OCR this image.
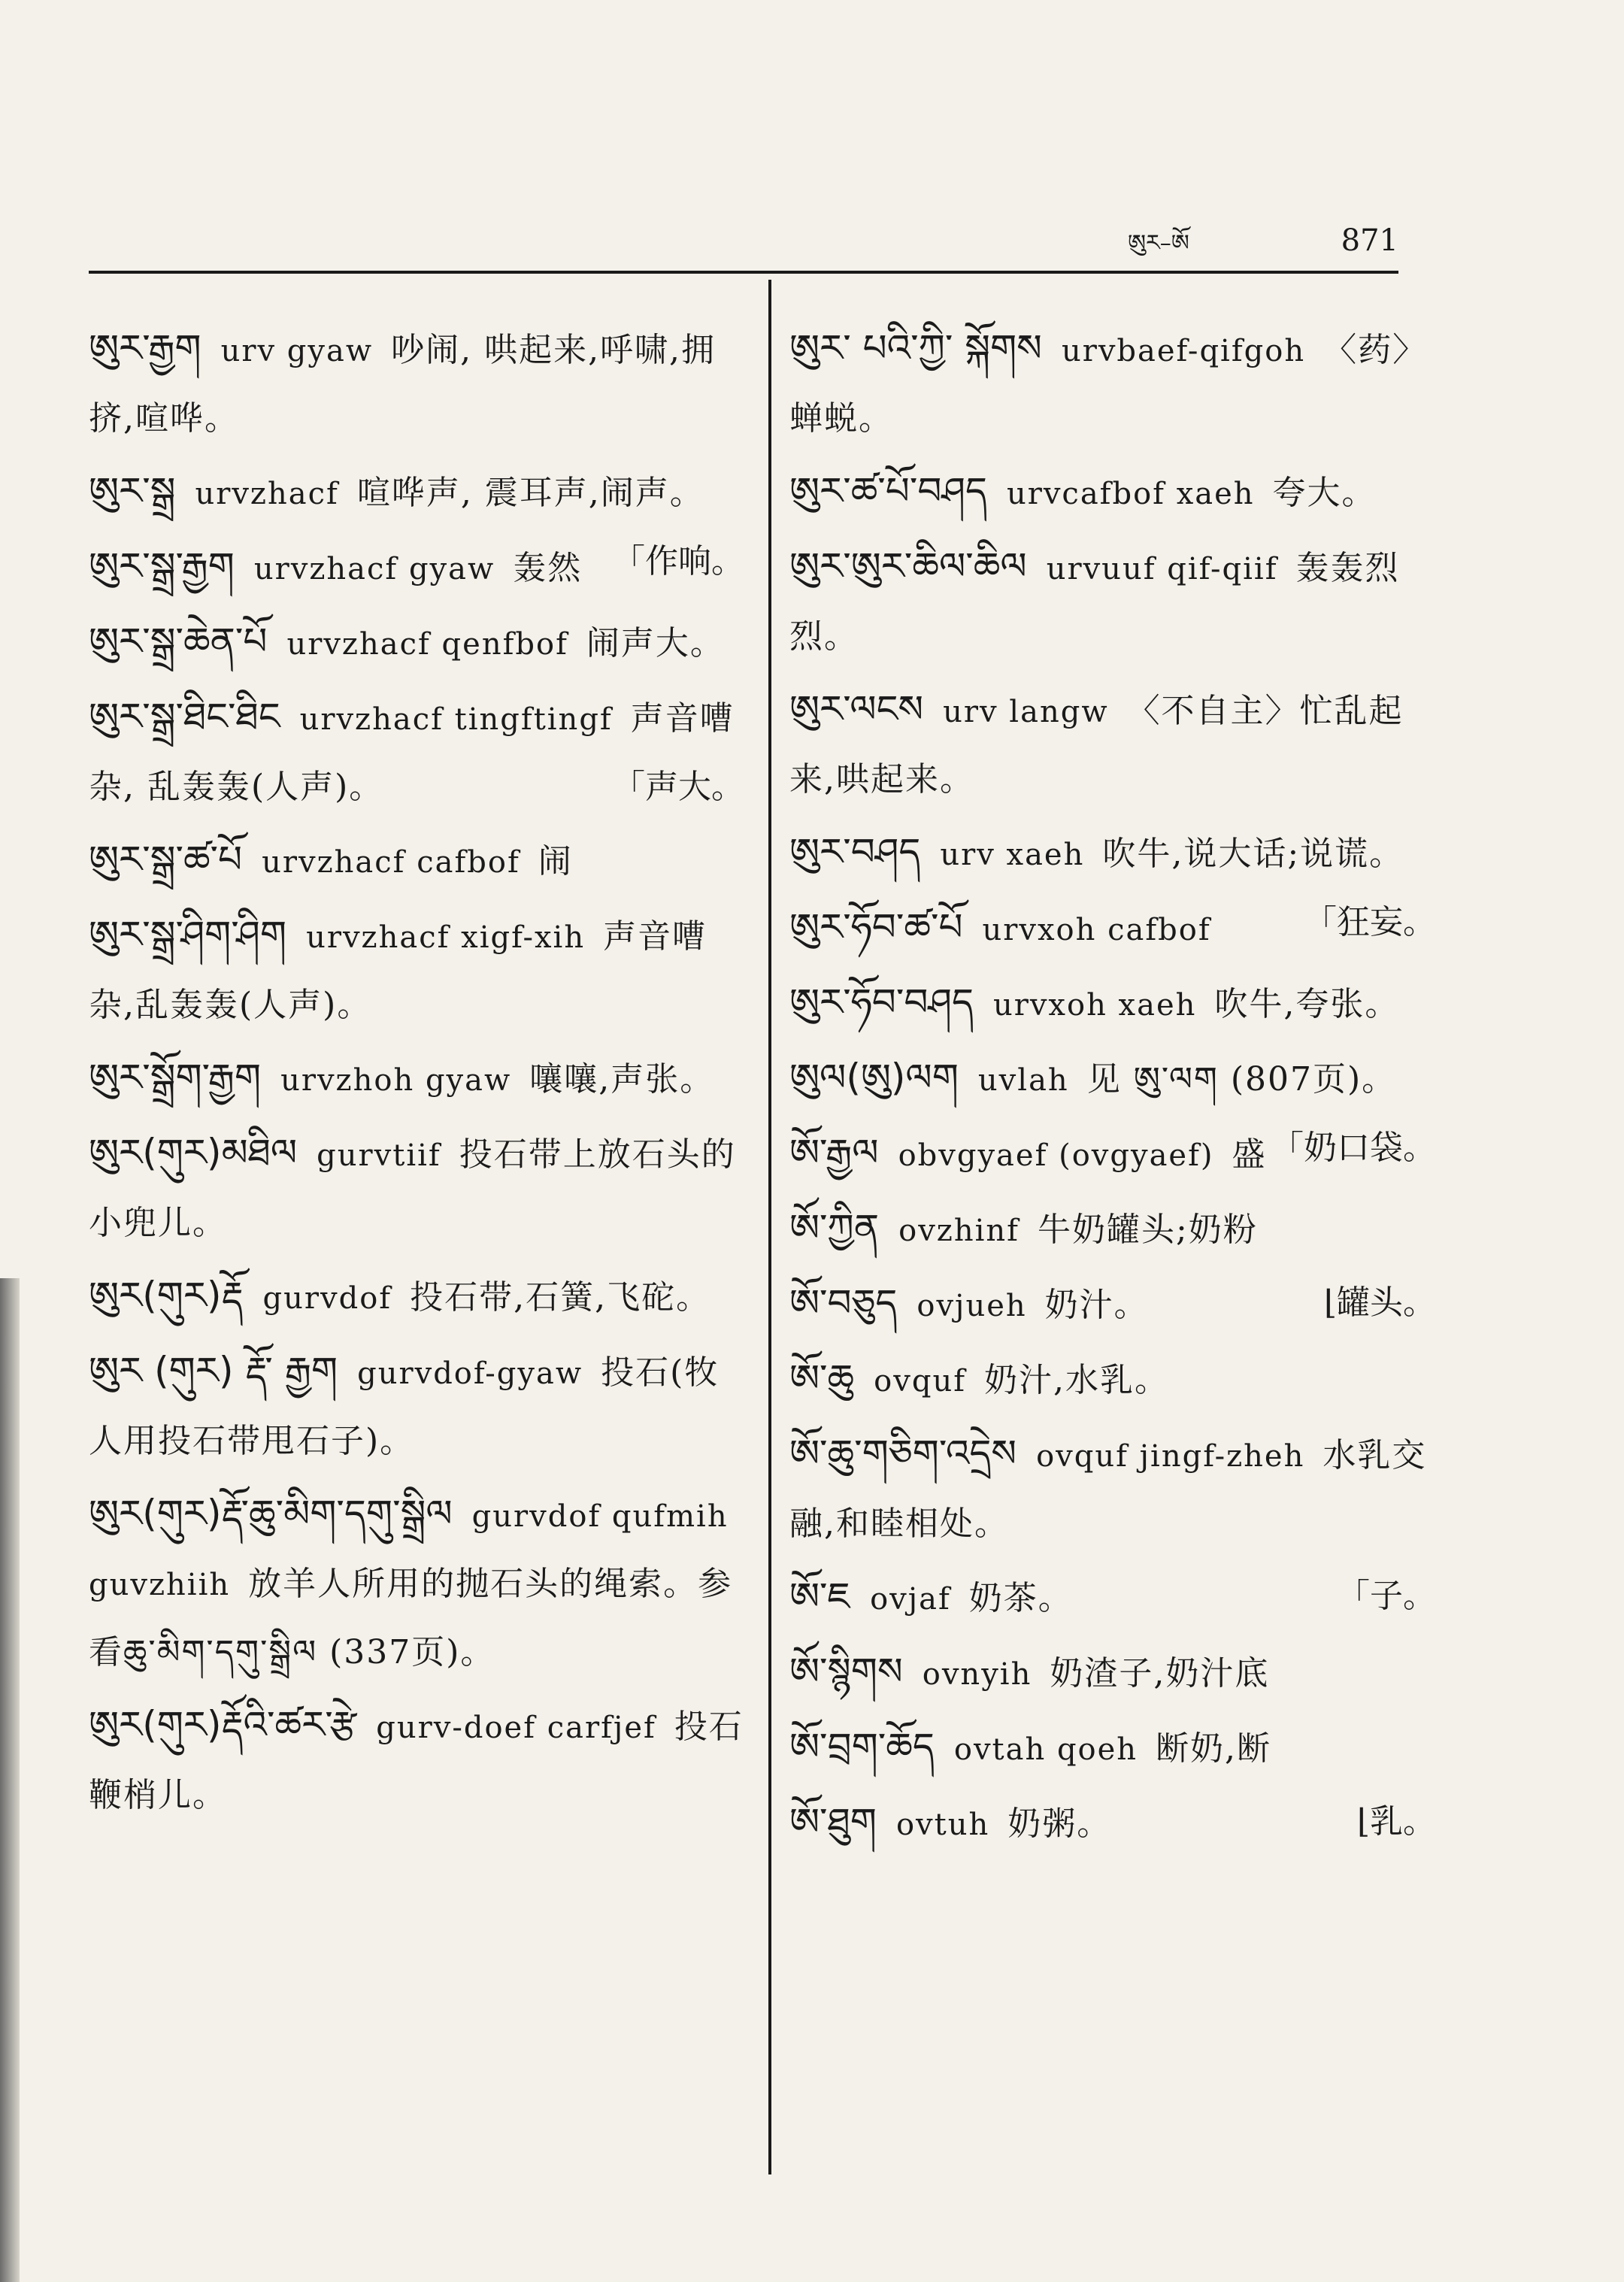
ཨུར–ཨོ	871
ཨུར་རྒྱག urv gyaw 吵闹, 哄起来,呼啸,拥挤,喧哗。
ཨུར་སྒྲ urvzhacf 喧哗声, 震耳声,闹声。
「作响。
ཨུར་སྒྲ་རྒྱག urvzhacf gyaw 轰然
ཨུར་སྒྲ་ཆེན་པོ urvzhacf qenfbof 闹声大。
ཨུར་སྒྲ་ཐིང་ཐིང urvzhacf tingftingf 声音嘈杂, 乱轰轰(人声)。	「声大。
ཨུར་སྒྲ་ཚ་པོ urvzhacf cafbof 闹
ཨུར་སྒྲ་ཤིག་ཤིག urvzhacf xigf-xih 声音嘈杂,乱轰轰(人声)。
ཨུར་སྒྲོག་རྒྱག urvzhoh gyaw 嚷嚷,声张。
ཨུར(གུར)མཐིལ gurvtiif 投石带上放石头的小兜儿。
ཨུར(གུར)རྡོ gurvdof 投石带,石簧,飞砣。
ཨུར (གུར) རྡོ་ རྒྱག gurvdof-gyaw 投石(牧人用投石带甩石子)。
ཨུར(གུར)རྡོ་ཆུ་མིག་དགུ་སྒྲིལ gurvdof qufmih guvzhiih 放羊人所用的抛石头的绳索。参看ཆུ་མིག་དགུ་སྒྲིལ (337页)。
ཨུར(གུར)རྡོའི་ཚར་རྩེ gurv-doef carfjef 投石鞭梢儿。
ཨུར་ པའི་ཀྱི་ སྐོགས urvbaef-qifgoh 〈药〉蝉蜕。
ཨུར་ཚ་པོ་བཤད urvcafbof xaeh 夸大。
ཨུར་ཨུར་ཆིལ་ཆིལ urvuuf qif-qiif 轰轰烈烈。
ཨུར་ལངས urv langw 〈不自主〉忙乱起来,哄起来。
ཨུར་བཤད urv xaeh 吹牛,说大话;说谎。
「狂妄。
ཨུར་ཧོབ་ཚ་པོ urvxoh cafbof
ཨུར་ཧོབ་བཤད urvxoh xaeh 吹牛,夸张。
ཨུལ(ཨུ)ལག uvlah 见 ཨུ་ལག (807页)。
「奶口袋。
ཨོ་རྒྱལ obvgyaef (ovgyaef) 盛
ཨོ་ཀྱིན ovzhinf 牛奶罐头;奶粉
ཨོ་བཅུད ovjueh 奶汁。	⌊罐头。
ཨོ་ཆུ ovquf 奶汁,水乳。
ཨོ་ཆུ་གཅིག་འདྲེས ovquf jingf-zheh 水乳交融,和睦相处。
ཨོ་ཇ ovjaf 奶茶。	「子。
ཨོ་སྙིགས ovnyih 奶渣子,奶汁底
ཨོ་བྲག་ཆོད ovtah qoeh 断奶,断
ཨོ་ཐུག ovtuh 奶粥。	⌊乳。
